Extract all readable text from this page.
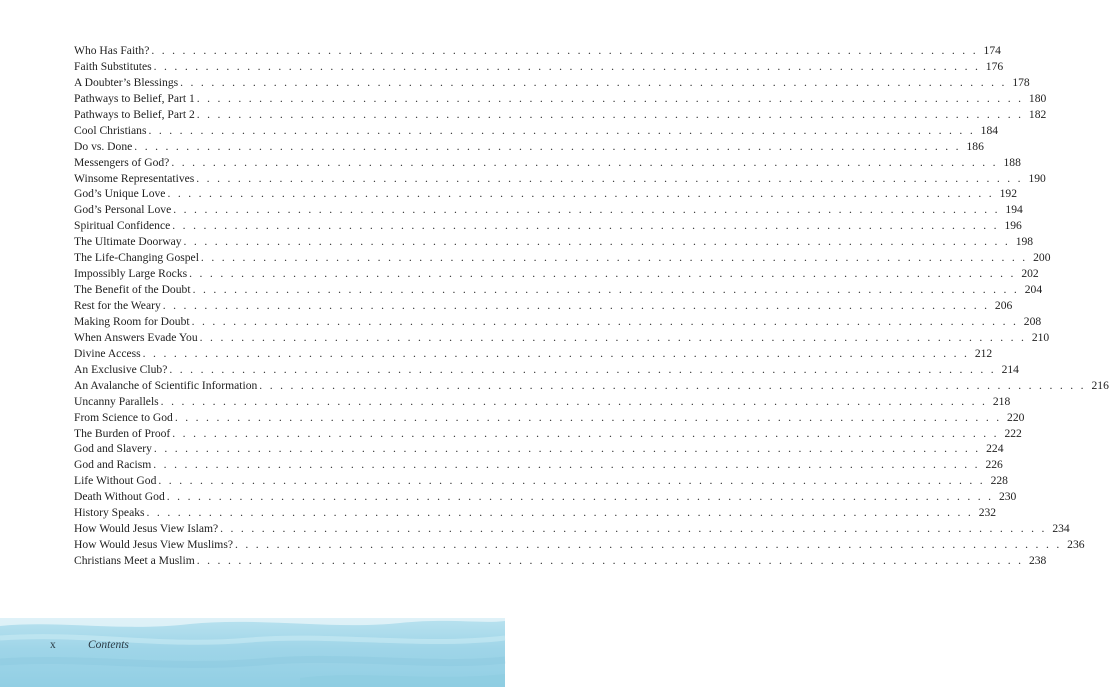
Who Has Faith? . . . . . . . . . . . . . . . . . . . . . . . . . . . . . . . . . . . . . . . . . . . . . . . . . . . . . . . . . . . . . . . . . . . . . . . . . . . . . . . . 174
Faith Substitutes . . . . . . . . . . . . . . . . . . . . . . . . . . . . . . . . . . . . . . . . . . . . . . . . . . . . . . . . . . . . . . . . . . . . . . . . . . . . . . . . 176
A Doubter’s Blessings . . . . . . . . . . . . . . . . . . . . . . . . . . . . . . . . . . . . . . . . . . . . . . . . . . . . . . . . . . . . . . . . . . . . . . . . . . . . . . . . 178
Pathways to Belief, Part 1 . . . . . . . . . . . . . . . . . . . . . . . . . . . . . . . . . . . . . . . . . . . . . . . . . . . . . . . . . . . . . . . . . . . . . . . . . . . . . . . . 180
Pathways to Belief, Part 2 . . . . . . . . . . . . . . . . . . . . . . . . . . . . . . . . . . . . . . . . . . . . . . . . . . . . . . . . . . . . . . . . . . . . . . . . . . . . . . . . 182
Cool Christians . . . . . . . . . . . . . . . . . . . . . . . . . . . . . . . . . . . . . . . . . . . . . . . . . . . . . . . . . . . . . . . . . . . . . . . . . . . . . . . . 184
Do vs. Done . . . . . . . . . . . . . . . . . . . . . . . . . . . . . . . . . . . . . . . . . . . . . . . . . . . . . . . . . . . . . . . . . . . . . . . . . . . . . . . . 186
Messengers of God? . . . . . . . . . . . . . . . . . . . . . . . . . . . . . . . . . . . . . . . . . . . . . . . . . . . . . . . . . . . . . . . . . . . . . . . . . . . . . . . . 188
Winsome Representatives . . . . . . . . . . . . . . . . . . . . . . . . . . . . . . . . . . . . . . . . . . . . . . . . . . . . . . . . . . . . . . . . . . . . . . . . . . . . . . . . 190
God’s Unique Love . . . . . . . . . . . . . . . . . . . . . . . . . . . . . . . . . . . . . . . . . . . . . . . . . . . . . . . . . . . . . . . . . . . . . . . . . . . . . . . . 192
God’s Personal Love . . . . . . . . . . . . . . . . . . . . . . . . . . . . . . . . . . . . . . . . . . . . . . . . . . . . . . . . . . . . . . . . . . . . . . . . . . . . . . . . 194
Spiritual Confidence . . . . . . . . . . . . . . . . . . . . . . . . . . . . . . . . . . . . . . . . . . . . . . . . . . . . . . . . . . . . . . . . . . . . . . . . . . . . . . . . 196
The Ultimate Doorway . . . . . . . . . . . . . . . . . . . . . . . . . . . . . . . . . . . . . . . . . . . . . . . . . . . . . . . . . . . . . . . . . . . . . . . . . . . . . . . . 198
The Life-Changing Gospel . . . . . . . . . . . . . . . . . . . . . . . . . . . . . . . . . . . . . . . . . . . . . . . . . . . . . . . . . . . . . . . . . . . . . . . . . . . . . . . . 200
Impossibly Large Rocks . . . . . . . . . . . . . . . . . . . . . . . . . . . . . . . . . . . . . . . . . . . . . . . . . . . . . . . . . . . . . . . . . . . . . . . . . . . . . . . . 202
The Benefit of the Doubt . . . . . . . . . . . . . . . . . . . . . . . . . . . . . . . . . . . . . . . . . . . . . . . . . . . . . . . . . . . . . . . . . . . . . . . . . . . . . . . . 204
Rest for the Weary . . . . . . . . . . . . . . . . . . . . . . . . . . . . . . . . . . . . . . . . . . . . . . . . . . . . . . . . . . . . . . . . . . . . . . . . . . . . . . . . 206
Making Room for Doubt . . . . . . . . . . . . . . . . . . . . . . . . . . . . . . . . . . . . . . . . . . . . . . . . . . . . . . . . . . . . . . . . . . . . . . . . . . . . . . . . 208
When Answers Evade You . . . . . . . . . . . . . . . . . . . . . . . . . . . . . . . . . . . . . . . . . . . . . . . . . . . . . . . . . . . . . . . . . . . . . . . . . . . . . . . . 210
Divine Access . . . . . . . . . . . . . . . . . . . . . . . . . . . . . . . . . . . . . . . . . . . . . . . . . . . . . . . . . . . . . . . . . . . . . . . . . . . . . . . . 212
An Exclusive Club? . . . . . . . . . . . . . . . . . . . . . . . . . . . . . . . . . . . . . . . . . . . . . . . . . . . . . . . . . . . . . . . . . . . . . . . . . . . . . . . . 214
An Avalanche of Scientific Information . . . . . . . . . . . . . . . . . . . . . . . . . . . . . . . . . . . . . . . . . . . . . . . . . . . . . . . . . . . . . . . . . . . . . . . . . . . . . . . . 216
Uncanny Parallels . . . . . . . . . . . . . . . . . . . . . . . . . . . . . . . . . . . . . . . . . . . . . . . . . . . . . . . . . . . . . . . . . . . . . . . . . . . . . . . . 218
From Science to God . . . . . . . . . . . . . . . . . . . . . . . . . . . . . . . . . . . . . . . . . . . . . . . . . . . . . . . . . . . . . . . . . . . . . . . . . . . . . . . . 220
The Burden of Proof . . . . . . . . . . . . . . . . . . . . . . . . . . . . . . . . . . . . . . . . . . . . . . . . . . . . . . . . . . . . . . . . . . . . . . . . . . . . . . . . 222
God and Slavery . . . . . . . . . . . . . . . . . . . . . . . . . . . . . . . . . . . . . . . . . . . . . . . . . . . . . . . . . . . . . . . . . . . . . . . . . . . . . . . . 224
God and Racism . . . . . . . . . . . . . . . . . . . . . . . . . . . . . . . . . . . . . . . . . . . . . . . . . . . . . . . . . . . . . . . . . . . . . . . . . . . . . . . . 226
Life Without God . . . . . . . . . . . . . . . . . . . . . . . . . . . . . . . . . . . . . . . . . . . . . . . . . . . . . . . . . . . . . . . . . . . . . . . . . . . . . . . . 228
Death Without God . . . . . . . . . . . . . . . . . . . . . . . . . . . . . . . . . . . . . . . . . . . . . . . . . . . . . . . . . . . . . . . . . . . . . . . . . . . . . . . . 230
History Speaks . . . . . . . . . . . . . . . . . . . . . . . . . . . . . . . . . . . . . . . . . . . . . . . . . . . . . . . . . . . . . . . . . . . . . . . . . . . . . . . . 232
How Would Jesus View Islam? . . . . . . . . . . . . . . . . . . . . . . . . . . . . . . . . . . . . . . . . . . . . . . . . . . . . . . . . . . . . . . . . . . . . . . . . . . . . . . . . 234
How Would Jesus View Muslims? . . . . . . . . . . . . . . . . . . . . . . . . . . . . . . . . . . . . . . . . . . . . . . . . . . . . . . . . . . . . . . . . . . . . . . . . . . . . . . . . 236
Christians Meet a Muslim . . . . . . . . . . . . . . . . . . . . . . . . . . . . . . . . . . . . . . . . . . . . . . . . . . . . . . . . . . . . . . . . . . . . . . . . . . . . . . . . 238
x	Contents
